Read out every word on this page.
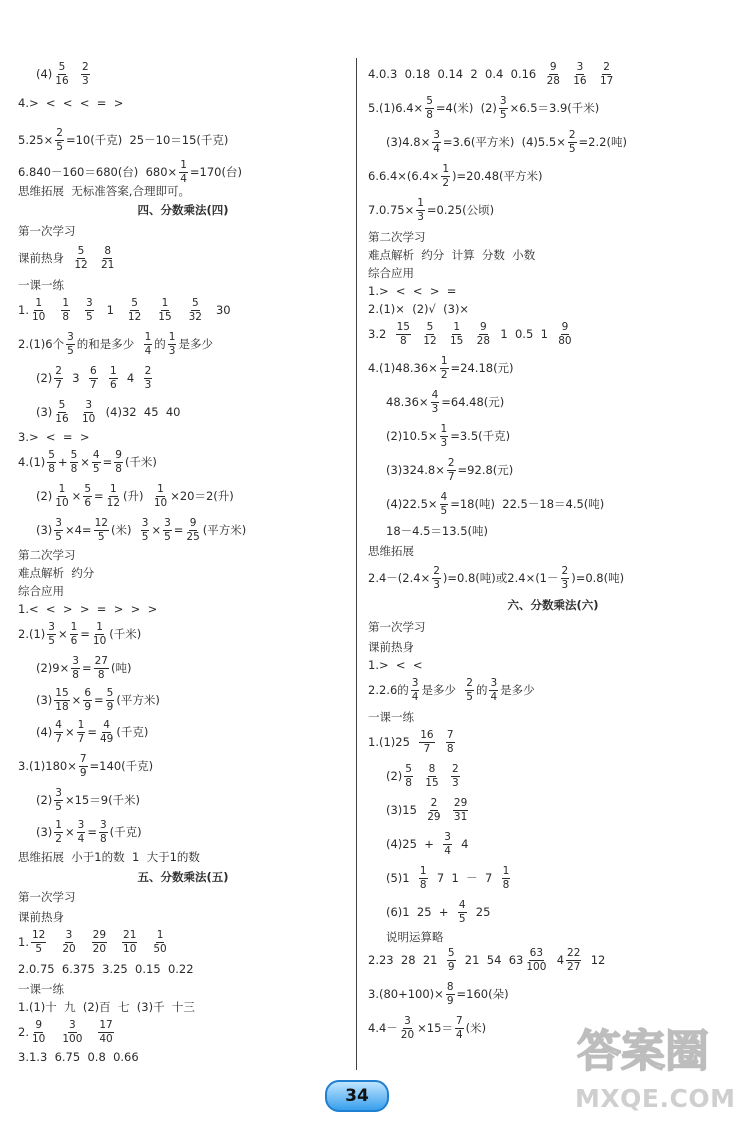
$(4) \frac{5}{16}$
$\frac{2}{3}$
4.>  <  <  <  =  >
$5.25\times \frac{2}{5} =10$(千克)  25－10＝15(千克)
6.840－160＝680(台)  $680\times \frac{1}{4} =170$(台)
思维拓展  无标准答案,合理即可。
四、分数乘法(四)
第一次学习
课前热身 $\frac{5}{12}$
$\frac{8}{21}$
一课一练
1. $\frac{1}{10}$
$\frac{1}{8}$
$\frac{3}{5} 1 \frac{5}{12}$
$\frac{1}{15}$
$\frac{5}{32} 30$
2.(1)6个 $\frac{3}{5}$ 的和是多少 $\frac{1}{4}$ 的 $\frac{1}{3}$ 是多少
$(2) \frac{2}{7} 3 \frac{6}{7}$
$\frac{1}{6} 4 \frac{2}{3}$
$(3) \frac{5}{16}$
$\frac{3}{10} (4)32$  45  40
3.>  <  =  >
$4.(1) \frac{5}{8} + \frac{5}{8} \times \frac{4}{5} = \frac{9}{8}$ (千米)
$(2) \frac{1}{10} \times \frac{5}{6} = \frac{1}{12}$ (升) $\frac{1}{10} \times 20=2$(升)
$(3) \frac{3}{5} \times 4= \frac{12}{5}$ (米) $\frac{3}{5} \times \frac{3}{5} = \frac{9}{25}$ (平方米)
第二次学习
难点解析  约分
综合应用
1.<  <  >  >  =  >  >  >
$2.(1) \frac{3}{5} \times \frac{1}{6} = \frac{1}{10}$ (千米)
$(2)9\times \frac{3}{8} = \frac{27}{8}$ (吨)
$(3) \frac{15}{18} \times \frac{6}{9} = \frac{5}{9}$ (平方米)
$(4) \frac{4}{7} \times \frac{1}{7} = \frac{4}{49}$ (千克)
$3.(1)180\times \frac{7}{9} =140$(千克)
$(2) \frac{3}{5} \times 15=9$(千米)
$(3) \frac{1}{2} \times \frac{3}{4} = \frac{3}{8}$ (千克)
思维拓展  小于1的数  1  大于1的数
五、分数乘法(五)
第一次学习
课前热身
1. $\frac{12}{5}$
$\frac{3}{20}$
$\frac{29}{20}$
$\frac{21}{10}$
$\frac{1}{50}$
2.0.75  6.375  3.25  0.15  0.22
一课一练
1.(1)十  九  (2)百  七  (3)千  十三
2. $\frac{9}{10}$
$\frac{3}{100}$
$\frac{17}{40}$
3.1.3  6.75  0.8  0.66
4.0.3  0.18  0.14  2  0.4  $0.16 \frac{9}{28}$
$\frac{3}{16}$
$\frac{2}{17}$
$5.(1)6.4\times \frac{5}{8} =4$(米)  $(2) \frac{3}{5} \times 6.5=3.9$(千米)
$(3)4.8\times \frac{3}{4} =3.6$(平方米)  $(4)5.5\times \frac{2}{5} =2.2$(吨)
$6.6.4\times(6.4\times \frac{1}{2} )=20.48$(平方米)
$7.0.75\times \frac{1}{3} =0.25$(公顷)
第二次学习
难点解析  约分  计算  分数  小数
综合应用
1.>  <  <  >  =
2.(1)×  (2)√  (3)×
$3.2 \frac{15}{8}$
$\frac{5}{12}$
$\frac{1}{15}$
$\frac{9}{28} 1$  0.5  $1 \frac{9}{80}$
$4.(1)48.36\times \frac{1}{2} =24.18$(元)
$48.36\times \frac{4}{3} =64.48$(元)
$(2)10.5\times \frac{1}{3} =3.5$(千克)
$(3)324.8\times \frac{2}{7} =92.8$(元)
$(4)22.5\times \frac{4}{5} =18$(吨)  22.5－18＝4.5(吨)
18－4.5＝13.5(吨)
思维拓展
$2.4-(2.4\times \frac{2}{3} )=0.8$(吨)或$2.4\times(1- \frac{2}{3} )=0.8$(吨)
六、分数乘法(六)
第一次学习
课前热身
1.>  <  <
2.2.6的 $\frac{3}{4}$ 是多少 $\frac{2}{5}$ 的 $\frac{3}{4}$ 是多少
一课一练
$1.(1)25 \frac{16}{7}$
$\frac{7}{8}$
$(2) \frac{5}{8}$
$\frac{8}{15}$
$\frac{2}{3}$
$(3)15 \frac{2}{29}$
$\frac{29}{31}$
$(4)25 + \frac{3}{4} 4$
$(5)1 \frac{1}{8} 7$  $1 - 7 \frac{1}{8}$
(6)1  $25 + \frac{4}{5} 25$
说明运算略
2.23  28  $21 \frac{5}{9} 21$  54  $63 \frac{63}{100} 4 \frac{22}{27} 12$
$3.(80+100)\times \frac{8}{9} =160$(朵)
$4.4- \frac{3}{20} \times 15= \frac{7}{4}$ (米)
34
答案圈
MXQE.COM
